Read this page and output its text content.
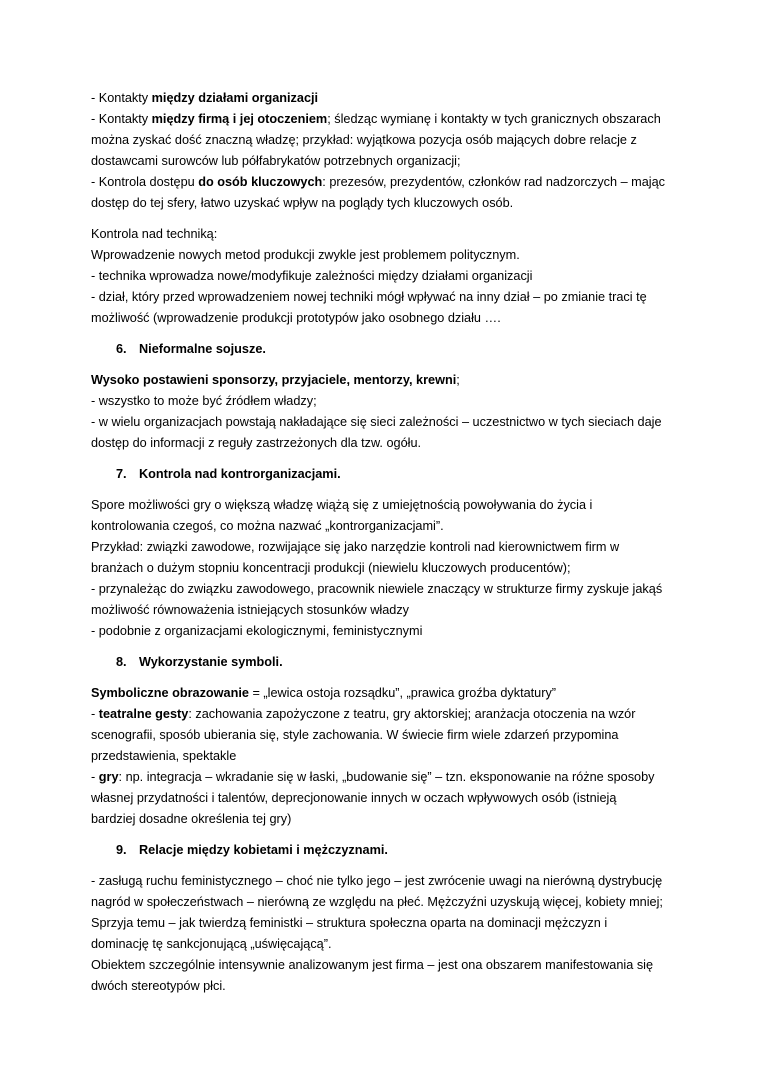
- Kontakty między działami organizacji
- Kontakty między firmą i jej otoczeniem; śledząc wymianę i kontakty w tych granicznych obszarach
można zyskać dość znaczną władzę; przykład: wyjątkowa pozycja osób mających dobre relacje z
dostawcami surowców lub półfabrykatów potrzebnych organizacji;
- Kontrola dostępu do osób kluczowych: prezesów, prezydentów, członków rad nadzorczych – mając
dostęp do tej sfery, łatwo uzyskać wpływ na poglądy tych kluczowych osób.
Kontrola nad techniką:
Wprowadzenie nowych metod produkcji zwykle jest problemem politycznym.
- technika wprowadza nowe/modyfikuje zależności między działami organizacji
- dział, który przed wprowadzeniem nowej techniki mógł wpływać na inny dział – po zmianie traci tę
możliwość (wprowadzenie produkcji prototypów jako osobnego działu ….
6. Nieformalne sojusze.
Wysoko postawieni sponsorzy, przyjaciele, mentorzy, krewni;
- wszystko to może być źródłem władzy;
- w wielu organizacjach powstają nakładające się sieci zależności – uczestnictwo w tych sieciach daje
dostęp do informacji z reguły zastrzeżonych dla tzw. ogółu.
7. Kontrola nad kontrorganizacjami.
Spore możliwości gry o większą władzę wiążą się z umiejętnością powoływania do życia i
kontrolowania czegoś, co można nazwać „kontrorganizacjami”.
Przykład: związki zawodowe, rozwijające się jako narzędzie kontroli nad kierownictwem firm w
branżach o dużym stopniu koncentracji produkcji (niewielu kluczowych producentów);
- przynależąc do związku zawodowego, pracownik niewiele znaczący w strukturze firmy zyskuje jakąś
możliwość równoważenia istniejących stosunków władzy
- podobnie z organizacjami ekologicznymi, feministycznymi
8. Wykorzystanie symboli.
Symboliczne obrazowanie = „lewica ostoja rozsądku”, „prawica groźba dyktatury”
- teatralne gesty: zachowania zapożyczone z teatru, gry aktorskiej; aranżacja otoczenia na wzór
scenografii, sposób ubierania się, style zachowania. W świecie firm wiele zdarzeń przypomina
przedstawienia, spektakle
- gry: np. integracja – wkradanie się w łaski, „budowanie się” – tzn. eksponowanie na różne sposoby
własnej przydatności i talentów, deprecjonowanie innych w oczach wpływowych osób (istnieją
bardziej dosadne określenia tej gry)
9. Relacje między kobietami i mężczyznami.
- zasługą ruchu feministycznego – choć nie tylko jego – jest zwrócenie uwagi na nierówną dystrybucję
nagród w społeczeństwach – nierówną ze względu na płeć. Mężczyźni uzyskują więcej, kobiety mniej;
Sprzyja temu – jak twierdzą feministki – struktura społeczna oparta na dominacji mężczyzn i
dominację tę sankcjonującą „uświęcającą”.
Obiektem szczególnie intensywnie analizowanym jest firma – jest ona obszarem manifestowania się
dwóch stereotypów płci.
